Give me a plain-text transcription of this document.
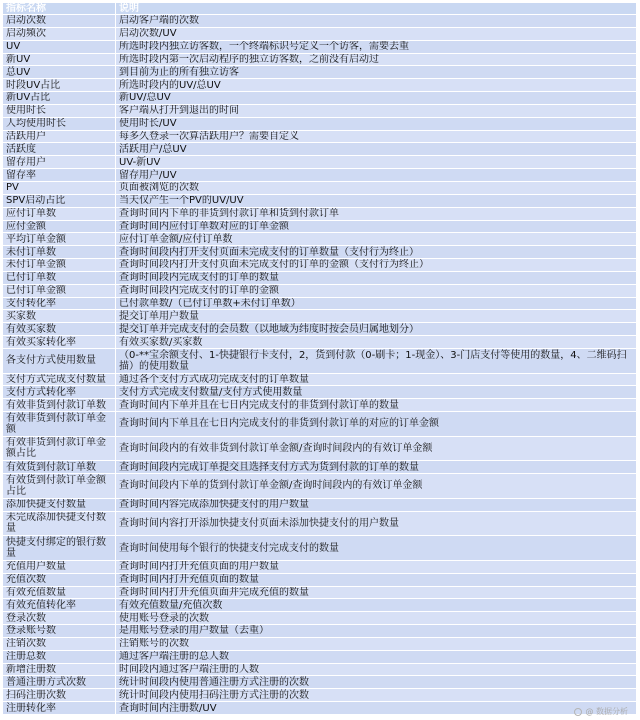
指标名称	说明
启动次数	启动客户端的次数
启动频次	启动次数/UV
UV	所选时段内独立访客数，一个终端标识号定义一个访客，需要去重
新UV	所选时段内第一次启动程序的独立访客数，之前没有启动过
总UV	到目前为止的所有独立访客
时段UV占比	所选时段内的UV/总UV
新UV占比	新UV/总UV
使用时长	客户端从打开到退出的时间
人均使用时长	使用时长/UV
活跃用户	每多久登录一次算活跃用户？需要自定义
活跃度	活跃用户/总UV
留存用户	UV-新UV
留存率	留存用户/UV
PV	页面被浏览的次数
SPV启动占比	当天仅产生一个PV的UV/UV
应付订单数	查询时间内下单的非货到付款订单和货到付款订单
应付金额	查询时间内应付订单数对应的订单金额
平均订单金额	应付订单金额/应付订单数
未付订单数	查询时间段内打开支付页面未完成支付的订单数量（支付行为终止）
未付订单金额	查询时间段内打开支付页面未完成支付的订单的金额（支付行为终止）
已付订单数	查询时间段内完成支付的订单的数量
已付订单金额	查询时间段内完成支付的订单的金额
支付转化率	已付款单数/（已付订单数+未付订单数）
买家数	提交订单用户数量
有效买家数	提交订单并完成支付的会员数（以地域为纬度时按会员归属地划分）
有效买家转化率	有效买家数/买家数
各支付方式使用数量	（0-**宝余额支付、1-快捷银行卡支付，2，货到付款（0-刷卡；1-现金）、3-门店支付等使用的数量，4、二维码扫描）的使用数量
支付方式完成支付数量	通过各个支付方式成功完成支付的订单数量
支付方式转化率	支付方式完成支付数量/支付方式使用数量
有效非货到付款订单数	查询时间内下单并且在七日内完成支付的非货到付款订单的数量
有效非货到付款订单金额	查询时间内下单且在七日内完成支付的非货到付款订单的对应的订单金额
有效非货到付款订单金额占比	查询时间段内的有效非货到付款订单金额/查询时间段内的有效订单金额
有效货到付款订单数	查询时间段内完成订单提交且选择支付方式为货到付款的订单的数量
有效货到付款订单金额占比	查询时间段内下单的货到付款订单金额/查询时间段内的有效订单金额
添加快捷支付数量	查询时间内容完成添加快捷支付的用户数量
未完成添加快捷支付数量	查询时间内容打开添加快捷支付页面未添加快捷支付的用户数量
快捷支付绑定的银行数量	查询时间使用每个银行的快捷支付完成支付的数量
充值用户数量	查询时间内打开充值页面的用户数量
充值次数	查询时间内打开充值页面的数量
有效充值数量	查询时间内打开充值页面并完成充值的数量
有效充值转化率	有效充值数量/充值次数
登录次数	使用账号登录的次数
登录账号数	是用账号登录的用户数量（去重）
注销次数	注销账号的次数
注册总数	通过客户端注册的总人数
新增注册数	时间段内通过客户端注册的人数
普通注册方式次数	统计时间段内使用普通注册方式注册的次数
扫码注册次数	统计时间段内使用扫码注册方式注册的次数
注册转化率	查询时间内注册数/UV	@ 数据分析
